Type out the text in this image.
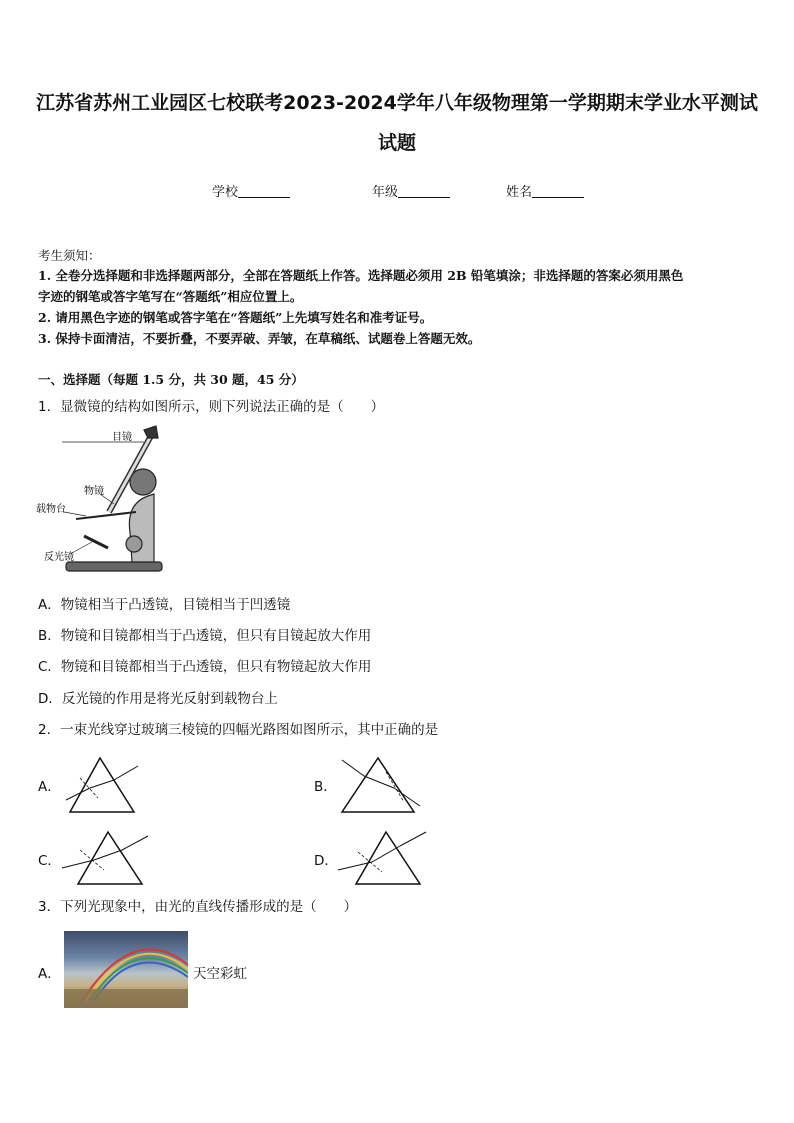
江苏省苏州工业园区七校联考2023-2024学年八年级物理第一学期期末学业水平测试
试题
学校	年级	姓名
考生须知：
1. 全卷分选择题和非选择题两部分，全部在答题纸上作答。选择题必须用 2B 铅笔填涂；非选择题的答案必须用黑色
字迹的钢笔或答字笔写在“答题纸”相应位置上。
2. 请用黑色字迹的钢笔或答字笔在“答题纸”上先填写姓名和准考证号。
3. 保持卡面清洁，不要折叠，不要弄破、弄皱，在草稿纸、试题卷上答题无效。
一、选择题（每题 1.5 分，共 30 题，45 分）
1．显微镜的结构如图所示，则下列说法正确的是（　　）
目镜
物镜
载物台
反光镜
A．物镜相当于凸透镜，目镜相当于凹透镜
B．物镜和目镜都相当于凸透镜，但只有目镜起放大作用
C．物镜和目镜都相当于凸透镜，但只有物镜起放大作用
D．反光镜的作用是将光反射到载物台上
2．一束光线穿过玻璃三棱镜的四幅光路图如图所示，其中正确的是
A．	B．
C．	D．
3．下列光现象中，由光的直线传播形成的是（　　）
A．	天空彩虹
